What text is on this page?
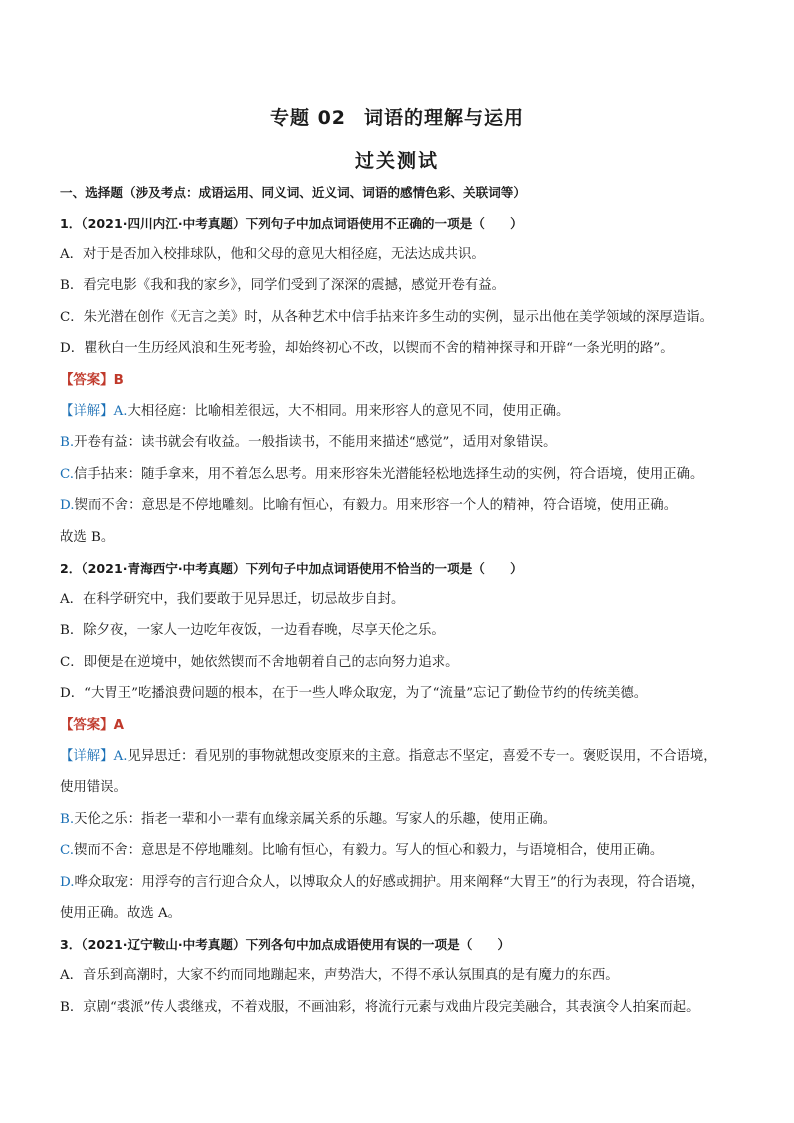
专题 02 词语的理解与运用
过关测试
一、选择题（涉及考点：成语运用、同义词、近义词、词语的感情色彩、关联词等）
1．（2021·四川内江·中考真题）下列句子中加点词语使用不正确的一项是（　　）
A．对于是否加入校排球队，他和父母的意见大相径庭，无法达成共识。
B．看完电影《我和我的家乡》，同学们受到了深深的震撼，感觉开卷有益。
C．朱光潜在创作《无言之美》时，从各种艺术中信手拈来许多生动的实例，显示出他在美学领域的深厚造诣。
D．瞿秋白一生历经风浪和生死考验，却始终初心不改，以锲而不舍的精神探寻和开辟“一条光明的路”。
【答案】B
【详解】A.大相径庭：比喻相差很远，大不相同。用来形容人的意见不同，使用正确。
B.开卷有益：读书就会有收益。一般指读书，不能用来描述“感觉”，适用对象错误。
C.信手拈来：随手拿来，用不着怎么思考。用来形容朱光潜能轻松地选择生动的实例，符合语境，使用正确。
D.锲而不舍：意思是不停地雕刻。比喻有恒心，有毅力。用来形容一个人的精神，符合语境，使用正确。
故选 B。
2．（2021·青海西宁·中考真题）下列句子中加点词语使用不恰当的一项是（　　）
A．在科学研究中，我们要敢于见异思迁，切忌故步自封。
B．除夕夜，一家人一边吃年夜饭，一边看春晚，尽享天伦之乐。
C．即便是在逆境中，她依然锲而不舍地朝着自己的志向努力追求。
D．“大胃王”吃播浪费问题的根本，在于一些人哗众取宠，为了“流量”忘记了勤俭节约的传统美德。
【答案】A
【详解】A.见异思迁：看见别的事物就想改变原来的主意。指意志不坚定，喜爱不专一。褒贬误用，不合语境，
使用错误。
B.天伦之乐：指老一辈和小一辈有血缘亲属关系的乐趣。写家人的乐趣，使用正确。
C.锲而不舍：意思是不停地雕刻。比喻有恒心，有毅力。写人的恒心和毅力，与语境相合，使用正确。
D.哗众取宠：用浮夸的言行迎合众人，以博取众人的好感或拥护。用来阐释“大胃王”的行为表现，符合语境，
使用正确。故选 A。
3．（2021·辽宁鞍山·中考真题）下列各句中加点成语使用有误的一项是（　　）
A．音乐到高潮时，大家不约而同地蹦起来，声势浩大，不得不承认氛围真的是有魔力的东西。
B．京剧“裘派”传人裘继戎，不着戏服，不画油彩，将流行元素与戏曲片段完美融合，其表演令人拍案而起。
